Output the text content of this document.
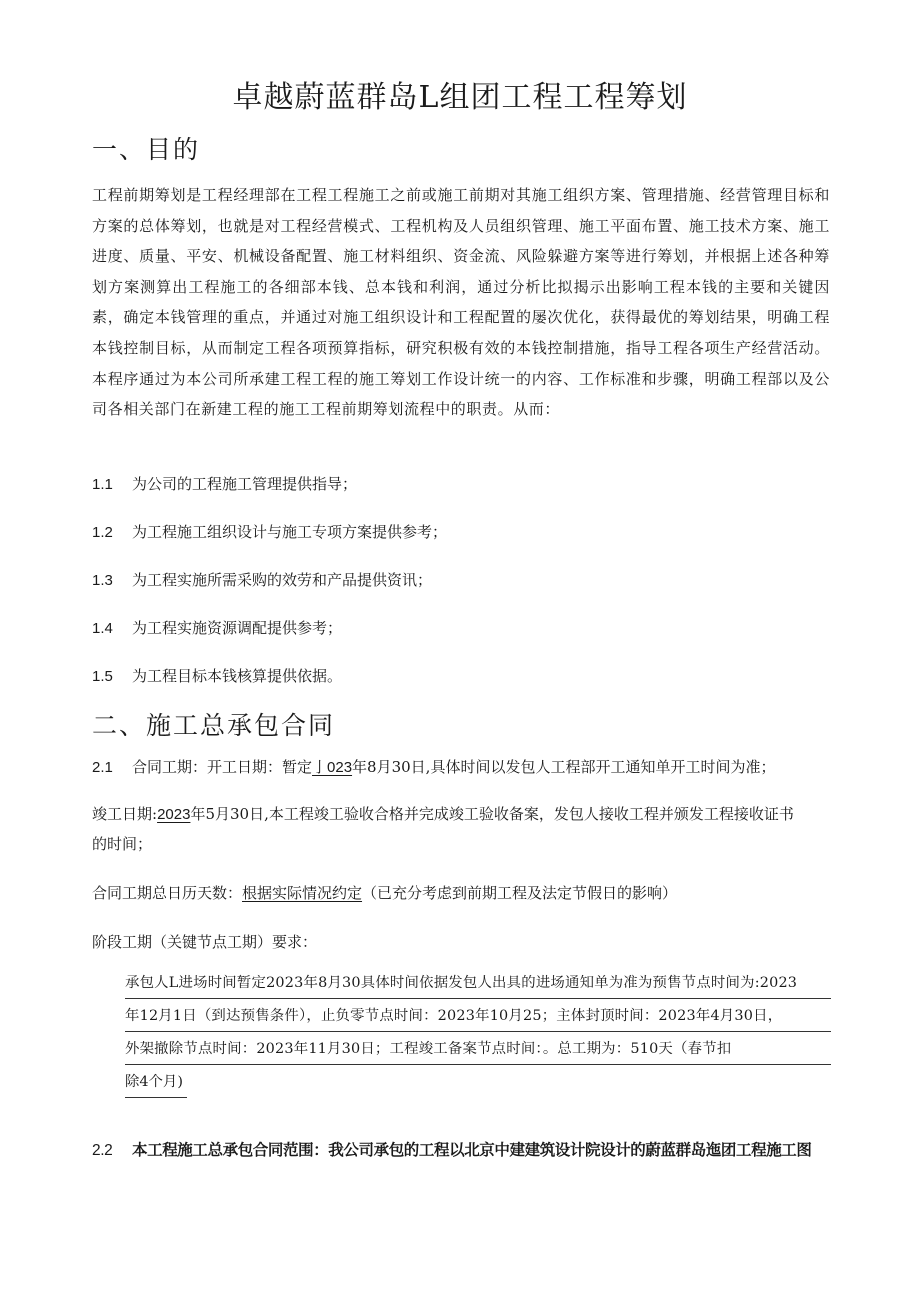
卓越蔚蓝群岛L组团工程工程筹划
一、目的
工程前期筹划是工程经理部在工程工程施工之前或施工前期对其施工组织方案、管理措施、经营管理目标和方案的总体筹划，也就是对工程经营模式、工程机构及人员组织管理、施工平面布置、施工技术方案、施工进度、质量、平安、机械设备配置、施工材料组织、资金流、风险躲避方案等进行筹划，并根据上述各种筹划方案测算出工程施工的各细部本钱、总本钱和利润，通过分析比拟揭示出影响工程本钱的主要和关键因素，确定本钱管理的重点，并通过对施工组织设计和工程配置的屡次优化，获得最优的筹划结果，明确工程本钱控制目标，从而制定工程各项预算指标，研究积极有效的本钱控制措施，指导工程各项生产经营活动。本程序通过为本公司所承建工程工程的施工筹划工作设计统一的内容、工作标准和步骤，明确工程部以及公司各相关部门在新建工程的施工工程前期筹划流程中的职责。从而：
1.1 为公司的工程施工管理提供指导；
1.2 为工程施工组织设计与施工专项方案提供参考；
1.3 为工程实施所需采购的效劳和产品提供资讯；
1.4 为工程实施资源调配提供参考；
1.5 为工程目标本钱核算提供依据。
二、施工总承包合同
2.1 合同工期：开工日期：暂定亅023年8月30日,具体时间以发包人工程部开工通知单开工时间为准；
竣工日期:2023年5月30日,本工程竣工验收合格并完成竣工验收备案，发包人接收工程并颁发工程接收证书
的时间；
合同工期总日历天数：根据实际情况约定（已充分考虑到前期工程及法定节假日的影响）
阶段工期（关键节点工期）要求：
承包人L进场时间暂定2023年8月30具体时间依据发包人出具的进场通知单为准为预售节点时间为:2023
年12月1日（到达预售条件），止负零节点时间：2023年10月25；主体封顶时间：2023年4月30日，
外架撤除节点时间：2023年11月30日；工程竣工备案节点时间：。总工期为：510天（春节扣
除4个月)
2.2 本工程施工总承包合同范围：我公司承包的工程以北京中建建筑设计院设计的蔚蓝群岛迤团工程施工图
